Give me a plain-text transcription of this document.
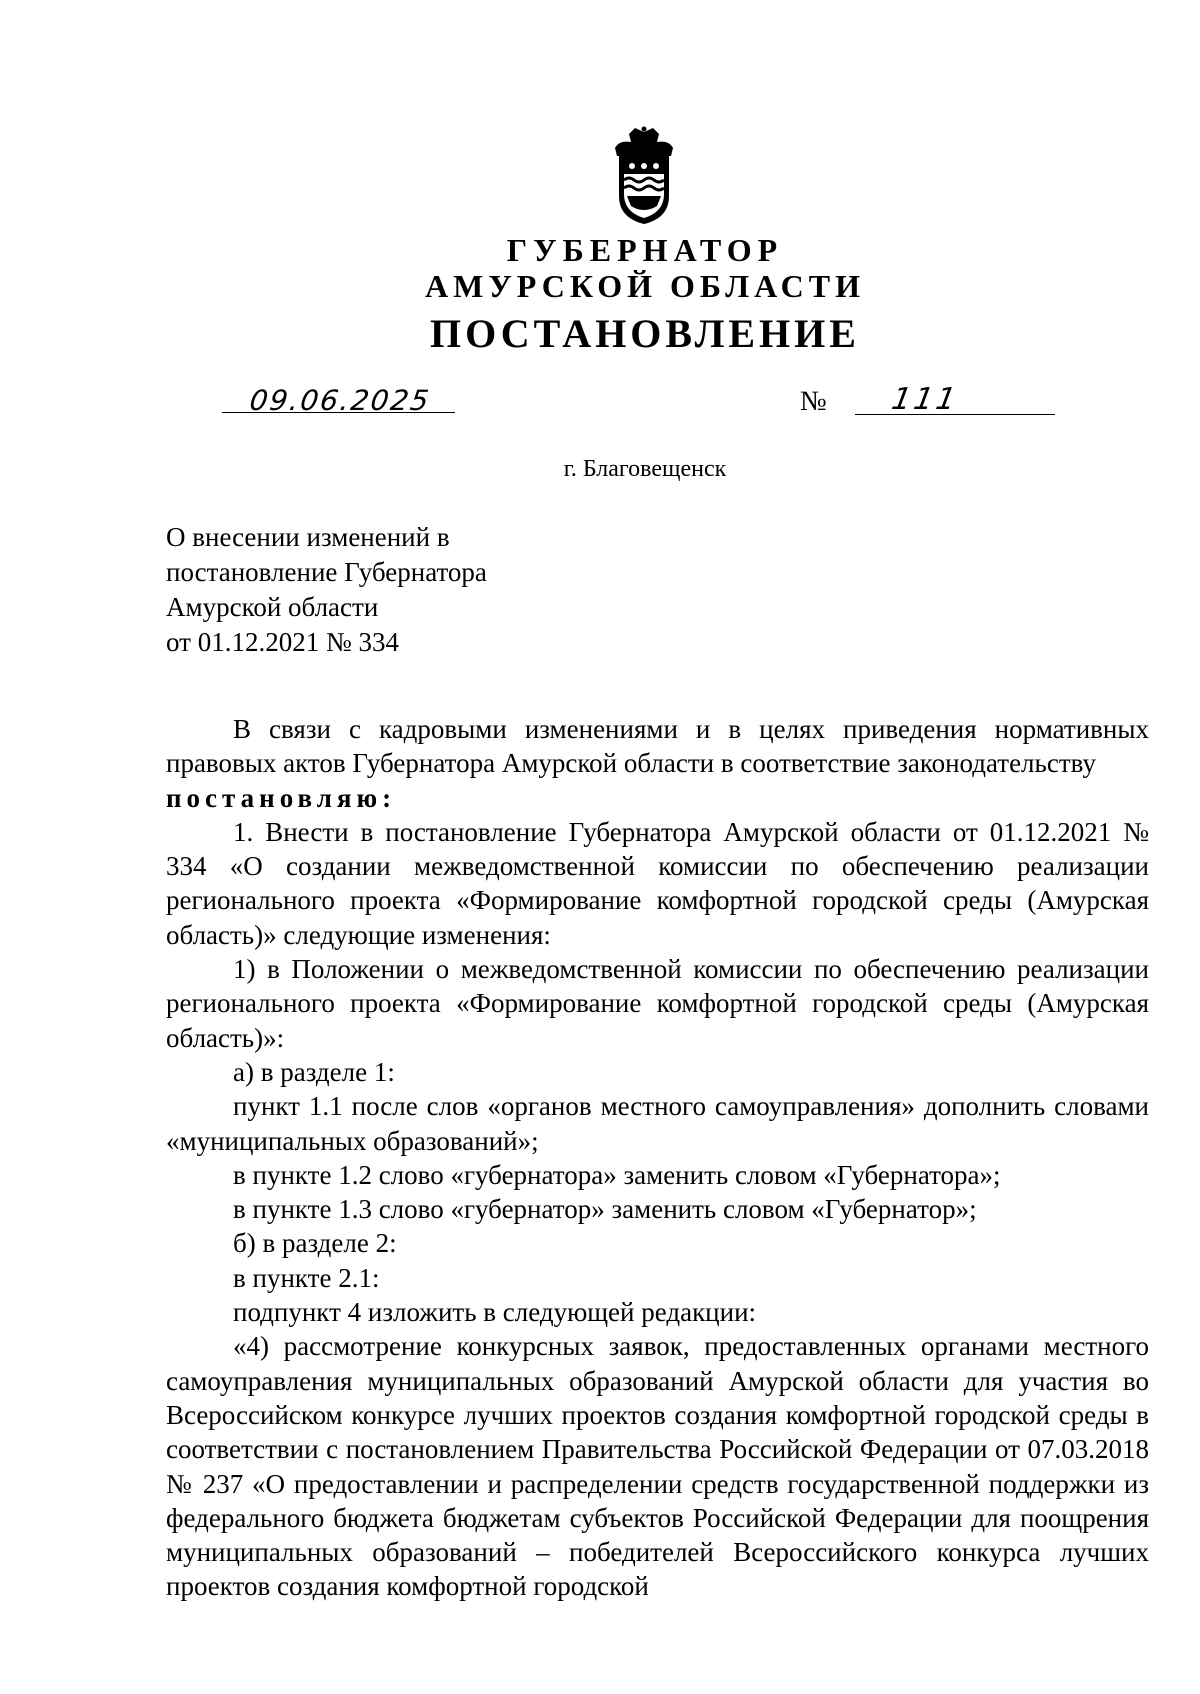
ГУБЕРНАТОР
АМУРСКОЙ ОБЛАСТИ
ПОСТАНОВЛЕНИЕ
09.06.2025	№ 111
г. Благовещенск
О внесении изменений в
постановление Губернатора
Амурской области
от 01.12.2021 № 334

В связи с кадровыми изменениями и в целях приведения нормативных правовых актов Губернатора Амурской области в соответствие законодательству

постановляю:

1. Внести в постановление Губернатора Амурской области от 01.12.2021 № 334 «О создании межведомственной комиссии по обеспечению реализации регионального проекта «Формирование комфортной городской среды (Амурская область)» следующие изменения:

1) в Положении о межведомственной комиссии по обеспечению реализации регионального проекта «Формирование комфортной городской среды (Амурская область)»:

а) в разделе 1:

пункт 1.1 после слов «органов местного самоуправления» дополнить словами «муниципальных образований»;

в пункте 1.2 слово «губернатора» заменить словом «Губернатора»;

в пункте 1.3 слово «губернатор» заменить словом «Губернатор»;

б) в разделе 2:

в пункте 2.1:

подпункт 4 изложить в следующей редакции:

«4) рассмотрение конкурсных заявок, предоставленных органами местного самоуправления муниципальных образований Амурской области для участия во Всероссийском конкурсе лучших проектов создания комфортной городской среды в соответствии с постановлением Правительства Российской Федерации от 07.03.2018 № 237 «О предоставлении и распределении средств государственной поддержки из федерального бюджета бюджетам субъектов Российской Федерации для поощрения муниципальных образований – победителей Всероссийского конкурса лучших проектов создания комфортной городской
